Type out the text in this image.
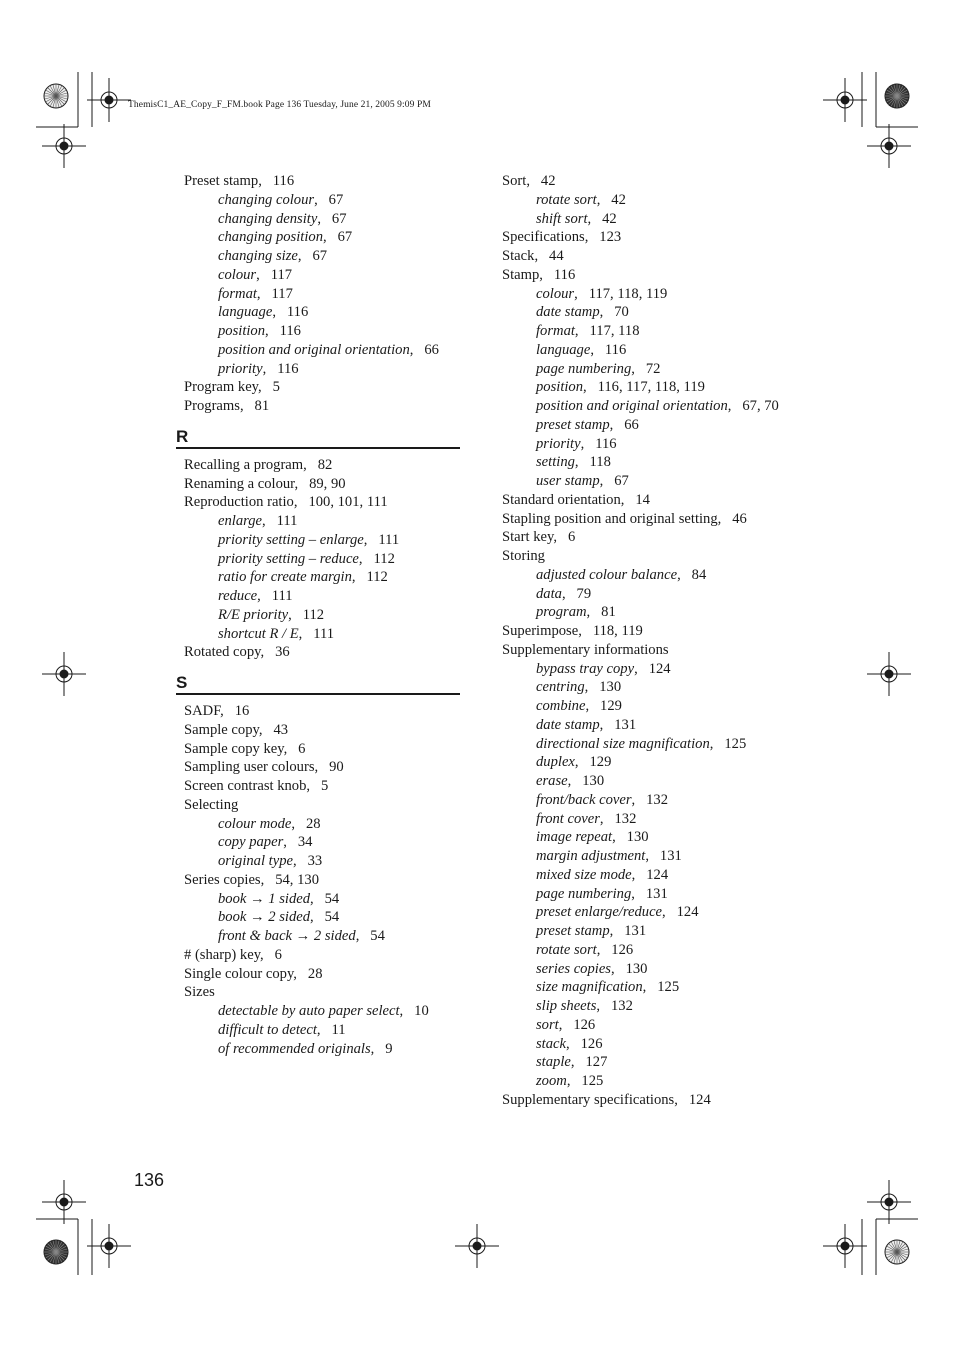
ThemisC1_AE_Copy_F_FM.book Page 136 Tuesday, June 21, 2005 9:09 PM
Preset stamp,   116
changing colour,   67
changing density,   67
changing position,   67
changing size,   67
colour,   117
format,   117
language,   116
position,   116
position and original orientation,   66
priority,   116
Program key,   5
Programs,   81
R
Recalling a program,   82
Renaming a colour,   89, 90
Reproduction ratio,   100, 101, 111
enlarge,   111
priority setting – enlarge,   111
priority setting – reduce,   112
ratio for create margin,   112
reduce,   111
R/E priority,   112
shortcut R / E,   111
Rotated copy,   36
S
SADF,   16
Sample copy,   43
Sample copy key,   6
Sampling user colours,   90
Screen contrast knob,   5
Selecting
colour mode,   28
copy paper,   34
original type,   33
Series copies,   54, 130
book → 1 sided,   54
book → 2 sided,   54
front & back → 2 sided,   54
# (sharp) key,   6
Single colour copy,   28
Sizes
detectable by auto paper select,   10
difficult to detect,   11
of recommended originals,   9
Sort,   42
rotate sort,   42
shift sort,   42
Specifications,   123
Stack,   44
Stamp,   116
colour,   117, 118, 119
date stamp,   70
format,   117, 118
language,   116
page numbering,   72
position,   116, 117, 118, 119
position and original orientation,   67, 70
preset stamp,   66
priority,   116
setting,   118
user stamp,   67
Standard orientation,   14
Stapling position and original setting,   46
Start key,   6
Storing
adjusted colour balance,   84
data,   79
program,   81
Superimpose,   118, 119
Supplementary informations
bypass tray copy,   124
centring,   130
combine,   129
date stamp,   131
directional size magnification,   125
duplex,   129
erase,   130
front/back cover,   132
front cover,   132
image repeat,   130
margin adjustment,   131
mixed size mode,   124
page numbering,   131
preset enlarge/reduce,   124
preset stamp,   131
rotate sort,   126
series copies,   130
size magnification,   125
slip sheets,   132
sort,   126
stack,   126
staple,   127
zoom,   125
Supplementary specifications,   124
136
